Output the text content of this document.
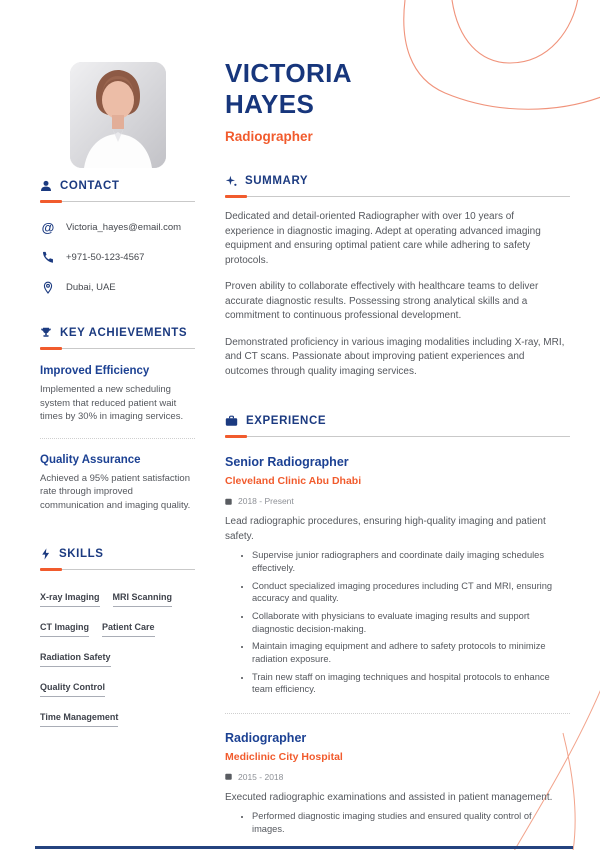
CONTACT
@ Victoria_hayes@email.com
+971-50-123-4567
Dubai, UAE
KEY ACHIEVEMENTS
Improved Efficiency
Implemented a new scheduling system that reduced patient wait times by 30% in imaging services.
Quality Assurance
Achieved a 95% patient satisfaction rate through improved communication and imaging quality.
SKILLS
X-ray Imaging MRI ScanningCT Imaging Patient CareRadiation SafetyQuality ControlTime Management
VICTORIA HAYES
Radiographer
SUMMARY
Dedicated and detail-oriented Radiographer with over 10 years of experience in diagnostic imaging. Adept at operating advanced imaging equipment and ensuring optimal patient care while adhering to safety protocols.
Proven ability to collaborate effectively with healthcare teams to deliver accurate diagnostic results. Possessing strong analytical skills and a commitment to continuous professional development.
Demonstrated proficiency in various imaging modalities including X-ray, MRI, and CT scans. Passionate about improving patient experiences and outcomes through quality imaging services.
EXPERIENCE
Senior Radiographer
Cleveland Clinic Abu Dhabi
2018 - Present
Lead radiographic procedures, ensuring high-quality imaging and patient safety.
• Supervise junior radiographers and coordinate daily imaging schedules effectively.
• Conduct specialized imaging procedures including CT and MRI, ensuring accuracy and quality.
• Collaborate with physicians to evaluate imaging results and support diagnostic decision-making.
• Maintain imaging equipment and adhere to safety protocols to minimize radiation exposure.
• Train new staff on imaging techniques and hospital protocols to enhance team efficiency.
Radiographer
Mediclinic City Hospital
2015 - 2018
Executed radiographic examinations and assisted in patient management.
• Performed diagnostic imaging studies and ensured quality control of images.
